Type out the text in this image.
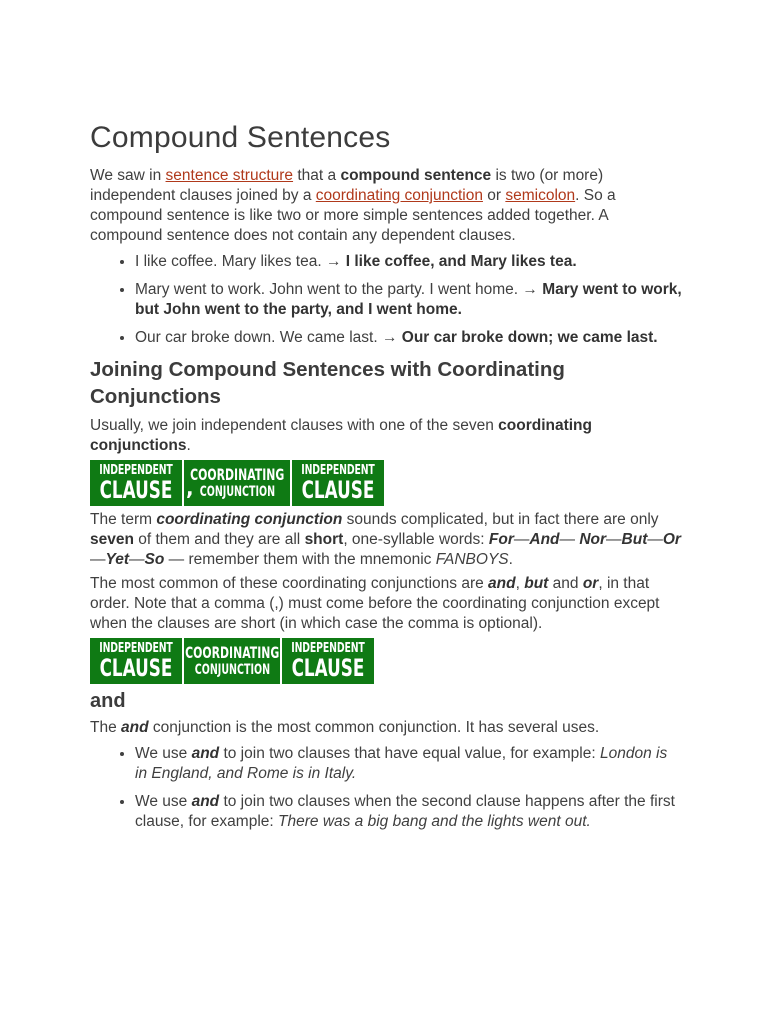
Compound Sentences

We saw in sentence structure that a compound sentence is two (or more) independent clauses joined by a coordinating conjunction or semicolon. So a compound sentence is like two or more simple sentences added together. A compound sentence does not contain any dependent clauses.

• I like coffee. Mary likes tea. → I like coffee, and Mary likes tea.
• Mary went to work. John went to the party. I went home. → Mary went to work, but John went to the party, and I went home.
• Our car broke down. We came last. → Our car broke down; we came last.
Joining Compound Sentences with Coordinating Conjunctions

Usually, we join independent clauses with one of the seven coordinating conjunctions.

INDEPENDENT
CLAUSE ,
COORDINATING
CONJUNCTION
INDEPENDENT
CLAUSE

The term coordinating conjunction sounds complicated, but in fact there are only seven of them and they are all short, one-syllable words: For—And— Nor—But—Or—Yet—So — remember them with the mnemonic FANBOYS.

The most common of these coordinating conjunctions are and, but and or, in that order. Note that a comma (,) must come before the coordinating conjunction except when the clauses are short (in which case the comma is optional).

INDEPENDENT
CLAUSE
COORDINATING
CONJUNCTION
INDEPENDENT
CLAUSE
and

The and conjunction is the most common conjunction. It has several uses.

• We use and to join two clauses that have equal value, for example: London is in England, and Rome is in Italy.
• We use and to join two clauses when the second clause happens after the first clause, for example: There was a big bang and the lights went out.
